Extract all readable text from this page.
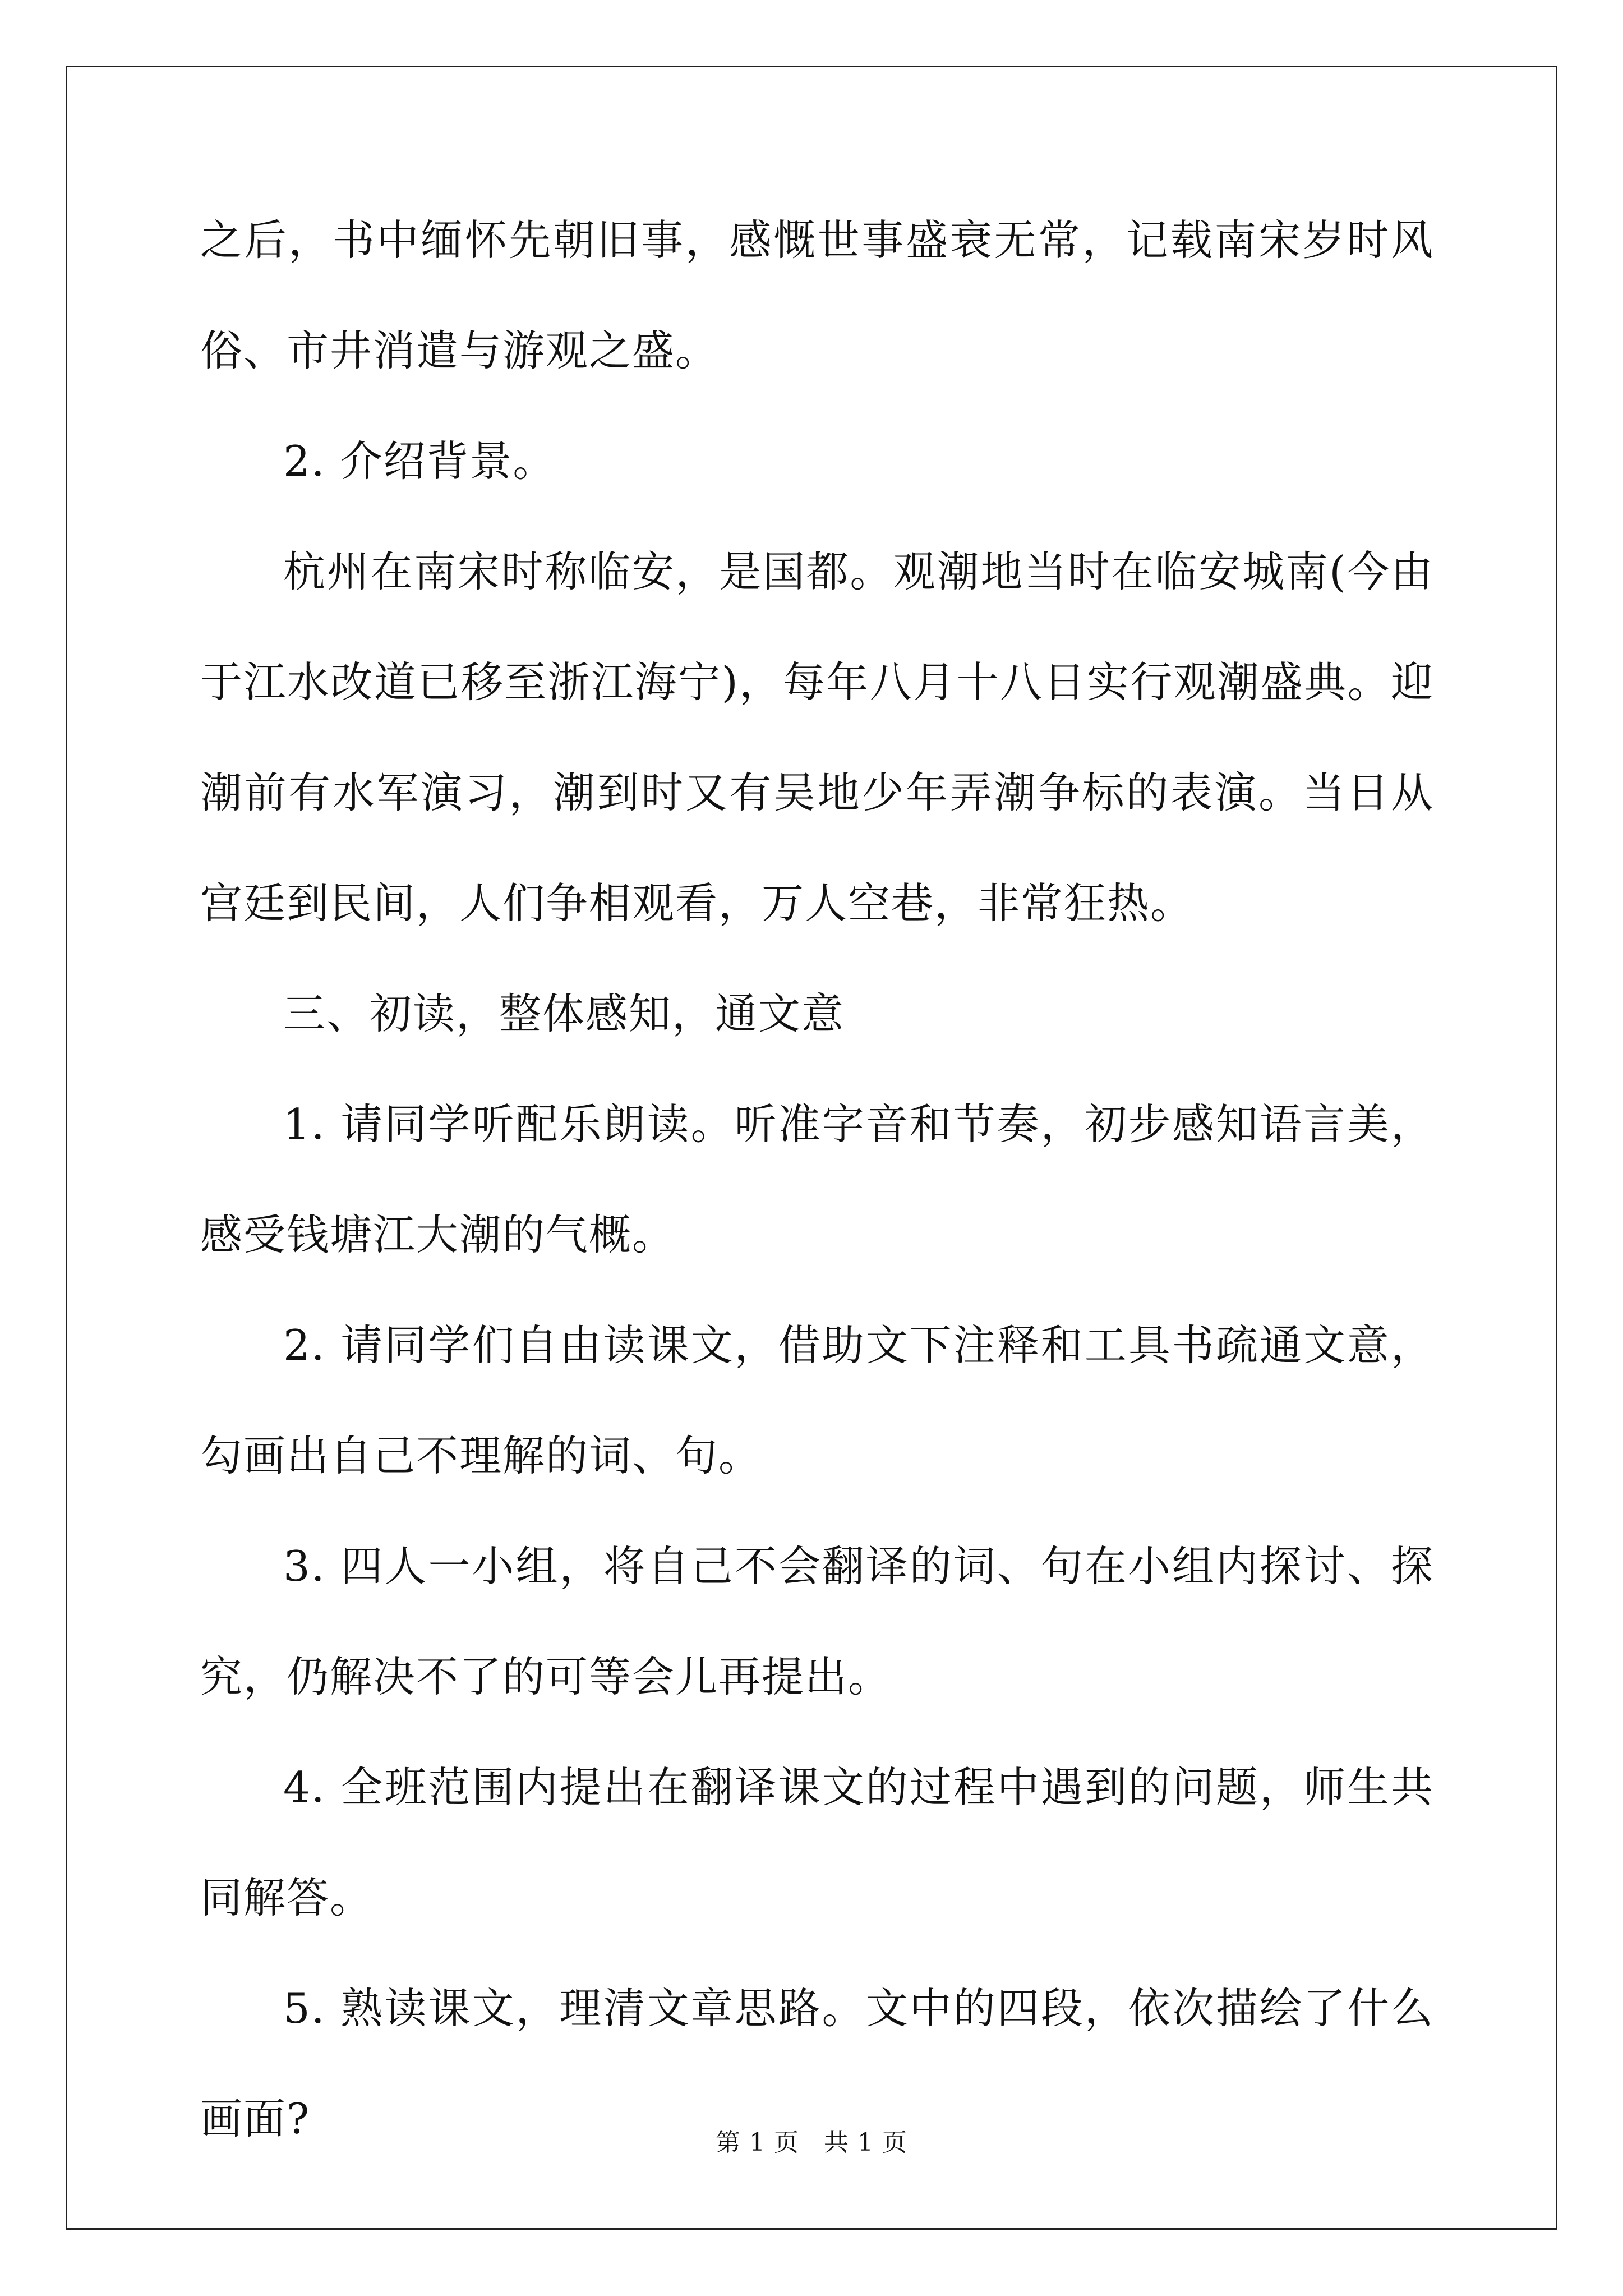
之后，书中缅怀先朝旧事，感慨世事盛衰无常，记载南宋岁时风俗、市井消遣与游观之盛。

2. 介绍背景。

杭州在南宋时称临安，是国都。观潮地当时在临安城南(今由于江水改道已移至浙江海宁)，每年八月十八日实行观潮盛典。迎潮前有水军演习，潮到时又有吴地少年弄潮争标的表演。当日从宫廷到民间，人们争相观看，万人空巷，非常狂热。

三、初读，整体感知，通文意

1. 请同学听配乐朗读。听准字音和节奏，初步感知语言美，感受钱塘江大潮的气概。

2. 请同学们自由读课文，借助文下注释和工具书疏通文意，勾画出自己不理解的词、句。

3. 四人一小组，将自己不会翻译的词、句在小组内探讨、探究，仍解决不了的可等会儿再提出。

4. 全班范围内提出在翻译课文的过程中遇到的问题，师生共同解答。

5. 熟读课文，理清文章思路。文中的四段，依次描绘了什么画面?	第 1 页 共 1 页
